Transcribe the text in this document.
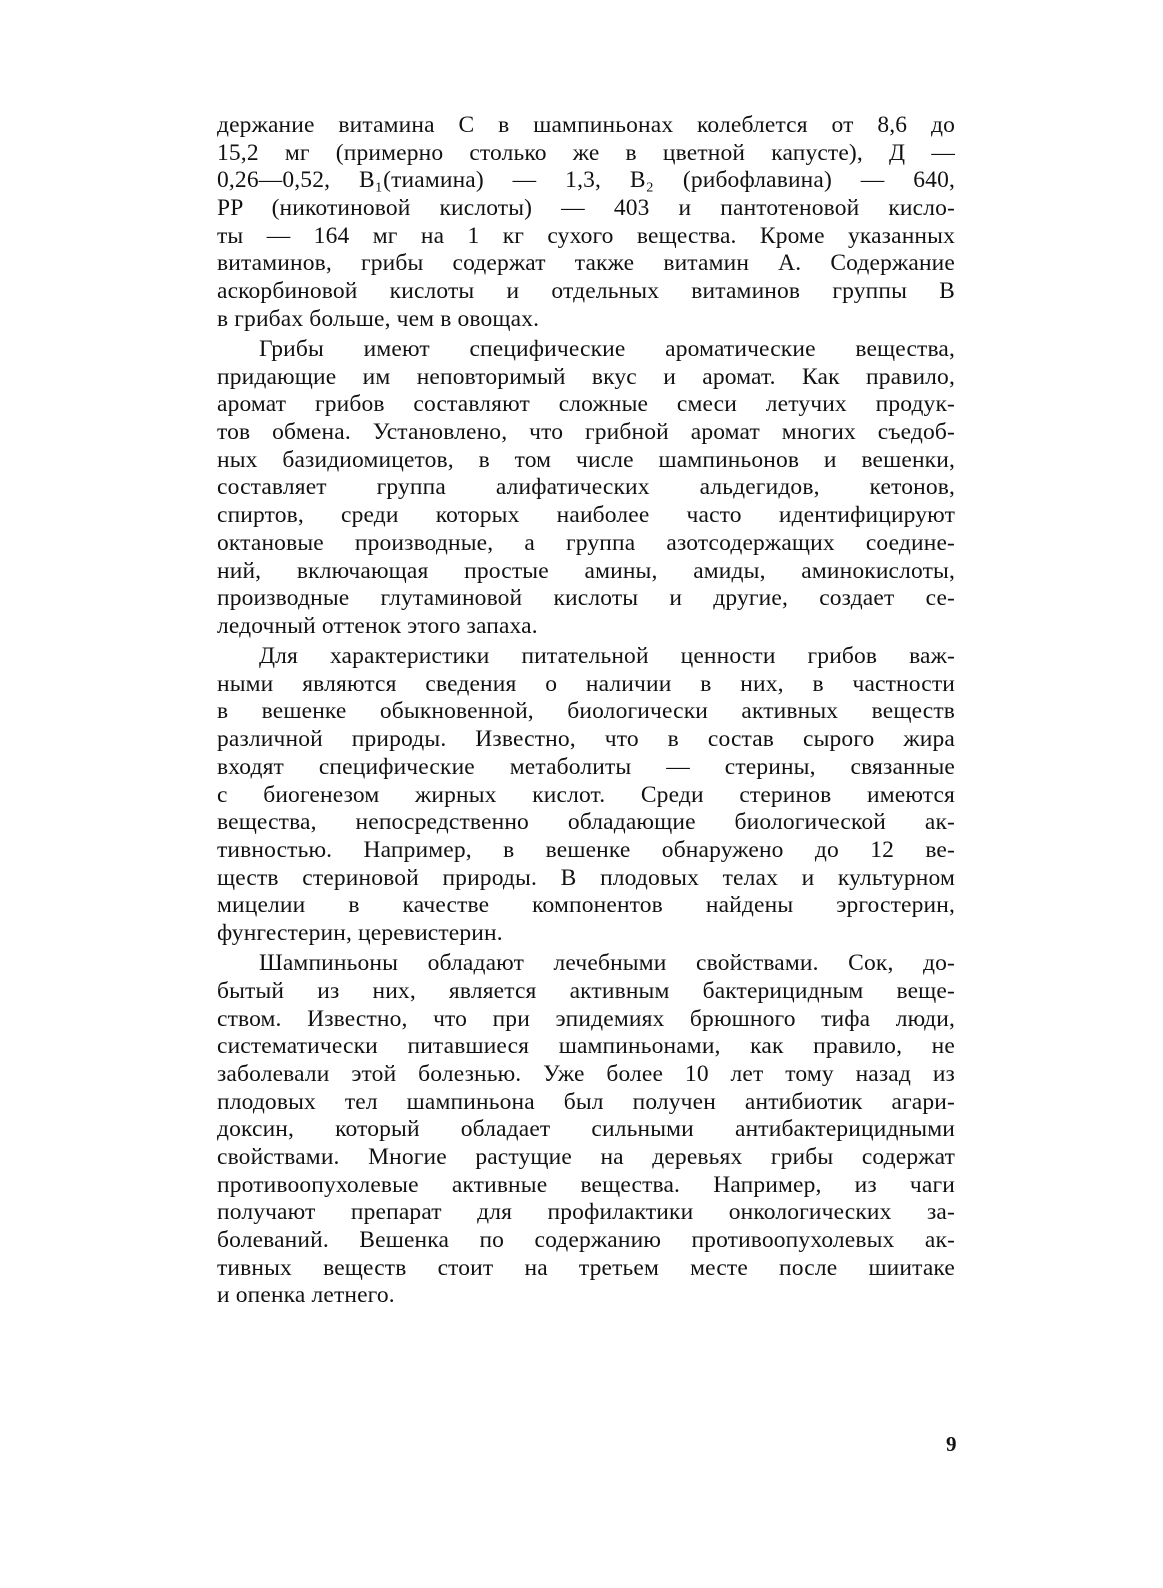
держание витамина С в шампиньонах колеблется от 8,6 до
15,2 мг (примерно столько же в цветной капусте), Д —
0,26—0,52, B₁(тиамина) — 1,3, B₂ (рибофлавина) — 640,
PP (никотиновой кислоты) — 403 и пантотеновой кисло-
ты — 164 мг на 1 кг сухого вещества. Кроме указанных
витаминов, грибы содержат также витамин А. Содержание
аскорбиновой кислоты и отдельных витаминов группы В
в грибах больше, чем в овощах.
Грибы имеют специфические ароматические вещества,
придающие им неповторимый вкус и аромат. Как правило,
аромат грибов составляют сложные смеси летучих продук-
тов обмена. Установлено, что грибной аромат многих съедоб-
ных базидиомицетов, в том числе шампиньонов и вешенки,
составляет группа алифатических альдегидов, кетонов,
спиртов, среди которых наиболее часто идентифицируют
октановые производные, а группа азотсодержащих соедине-
ний, включающая простые амины, амиды, аминокислоты,
производные глутаминовой кислоты и другие, создает се-
ледочный оттенок этого запаха.
Для характеристики питательной ценности грибов важ-
ными являются сведения о наличии в них, в частности
в вешенке обыкновенной, биологически активных веществ
различной природы. Известно, что в состав сырого жира
входят специфические метаболиты — стерины, связанные
с биогенезом жирных кислот. Среди стеринов имеются
вещества, непосредственно обладающие биологической ак-
тивностью. Например, в вешенке обнаружено до 12 ве-
ществ стериновой природы. В плодовых телах и культурном
мицелии в качестве компонентов найдены эргостерин,
фунгестерин, церевистерин.
Шампиньоны обладают лечебными свойствами. Сок, до-
бытый из них, является активным бактерицидным веще-
ством. Известно, что при эпидемиях брюшного тифа люди,
систематически питавшиеся шампиньонами, как правило, не
заболевали этой болезнью. Уже более 10 лет тому назад из
плодовых тел шампиньона был получен антибиотик агари-
доксин, который обладает сильными антибактерицидными
свойствами. Многие растущие на деревьях грибы содержат
противоопухолевые активные вещества. Например, из чаги
получают препарат для профилактики онкологических за-
болеваний. Вешенка по содержанию противоопухолевых ак-
тивных веществ стоит на третьем месте после шиитаке
и опенка летнего.
9
